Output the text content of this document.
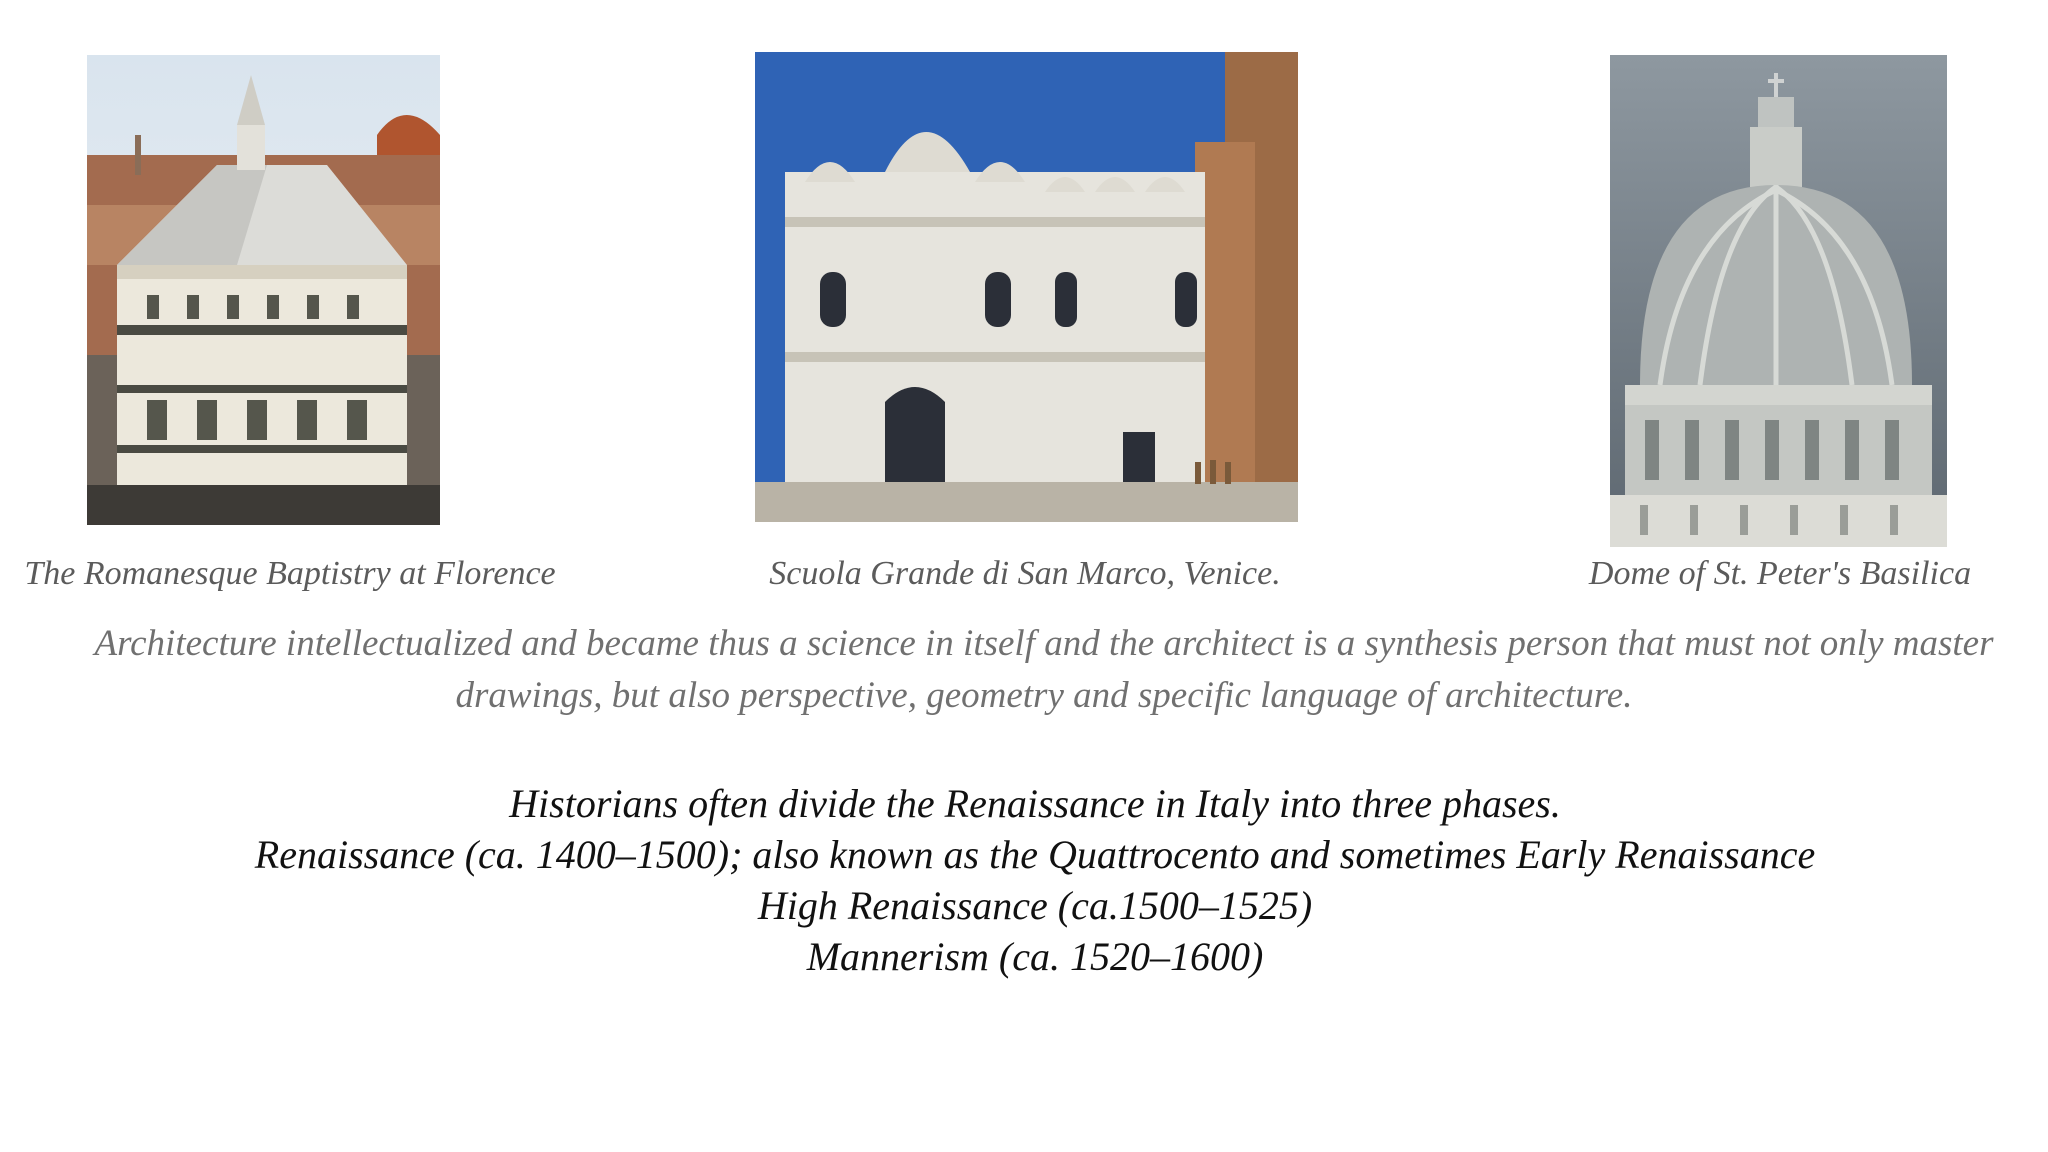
The Romanesque Baptistry at Florence	Scuola Grande di San Marco, Venice.	Dome of St. Peter's Basilica
Architecture intellectualized and became thus a science in itself and the architect is a synthesis person that must not only master
drawings, but also perspective, geometry and specific language of architecture.
Historians often divide the Renaissance in Italy into three phases.
Renaissance (ca. 1400–1500); also known as the Quattrocento and sometimes Early Renaissance
High Renaissance (ca.1500–1525)
Mannerism (ca. 1520–1600)
